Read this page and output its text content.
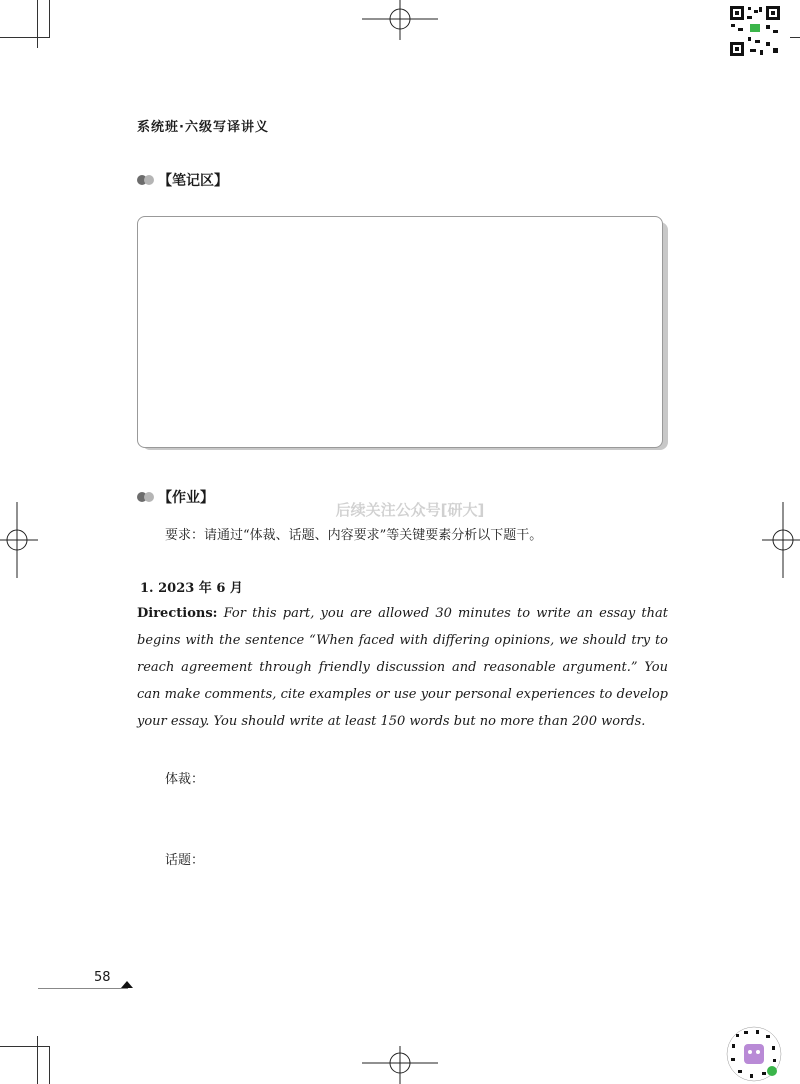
系统班·六级写译讲义
【笔记区】
【作业】
后续关注公众号[研大]
要求：请通过“体裁、话题、内容要求”等关键要素分析以下题干。
1. 2023 年 6 月
Directions: For this part, you are allowed 30 minutes to write an essay that begins with the sentence “When faced with differing opinions, we should try to reach agreement through friendly discussion and reasonable argument.” You can make comments, cite examples or use your personal experiences to develop your essay. You should write at least 150 words but no more than 200 words.
体裁：
话题：
58
